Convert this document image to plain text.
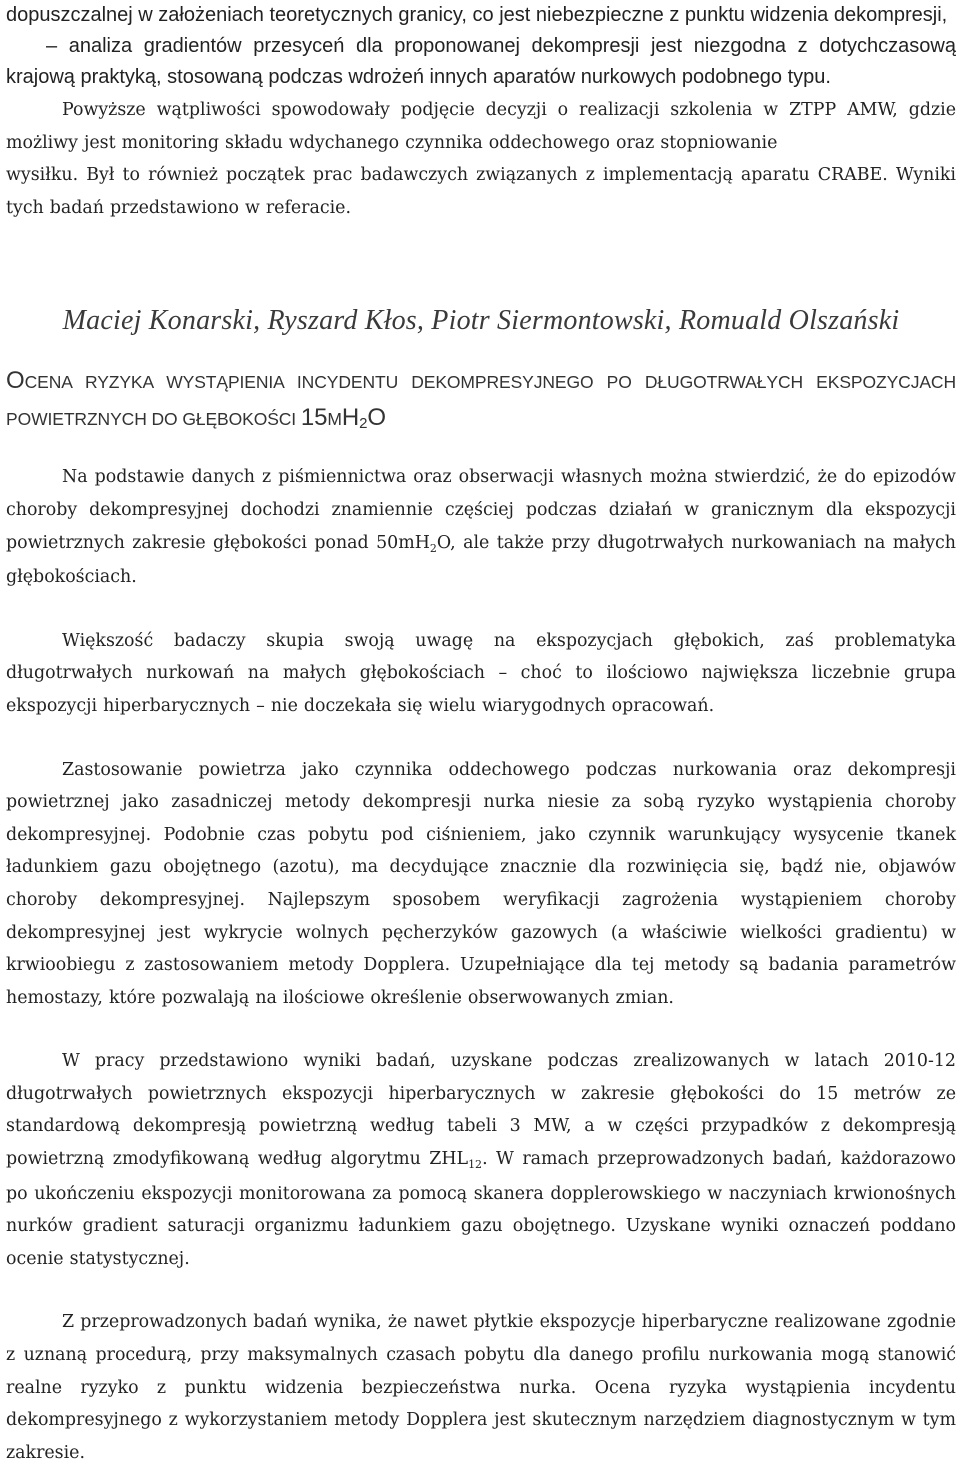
dopuszczalnej w założeniach teoretycznych granicy, co jest niebezpieczne z punktu widzenia dekompresji,

– analiza gradientów przesyceń dla proponowanej dekompresji jest niezgodna z dotychczasową krajową praktyką, stosowaną podczas wdrożeń innych aparatów nurkowych podobnego typu.

Powyższe wątpliwości spowodowały podjęcie decyzji o realizacji szkolenia w ZTPP AMW, gdzie możliwy jest monitoring składu wdychanego czynnika oddechowego oraz stopniowanie

wysiłku. Był to również początek prac badawczych związanych z implementacją aparatu CRABE. Wyniki tych badań przedstawiono w referacie.

Maciej Konarski, Ryszard Kłos, Piotr Siermontowski, Romuald Olszański

OCENA RYZYKA WYSTĄPIENIA INCYDENTU DEKOMPRESYJNEGO PO DŁUGOTRWAŁYCH EKSPOZYCJACH POWIETRZNYCH DO GŁĘBOKOŚCI $15MH_2O$

Na podstawie danych z piśmiennictwa oraz obserwacji własnych można stwierdzić, że do epizodów choroby dekompresyjnej dochodzi znamiennie częściej podczas działań w granicznym dla ekspozycji powietrznych zakresie głębokości ponad $50mH_2O$, ale także przy długotrwałych nurkowaniach na małych głębokościach.

Większość badaczy skupia swoją uwagę na ekspozycjach głębokich, zaś problematyka długotrwałych nurkowań na małych głębokościach – choć to ilościowo największa liczebnie grupa ekspozycji hiperbarycznych – nie doczekała się wielu wiarygodnych opracowań.

Zastosowanie powietrza jako czynnika oddechowego podczas nurkowania oraz dekompresji powietrznej jako zasadniczej metody dekompresji nurka niesie za sobą ryzyko wystąpienia choroby dekompresyjnej. Podobnie czas pobytu pod ciśnieniem, jako czynnik warunkujący wysycenie tkanek ładunkiem gazu obojętnego (azotu), ma decydujące znacznie dla rozwinięcia się, bądź nie, objawów choroby dekompresyjnej. Najlepszym sposobem weryfikacji zagrożenia wystąpieniem choroby dekompresyjnej jest wykrycie wolnych pęcherzyków gazowych (a właściwie wielkości gradientu) w krwioobiegu z zastosowaniem metody Dopplera. Uzupełniające dla tej metody są badania parametrów hemostazy, które pozwalają na ilościowe określenie obserwowanych zmian.

W pracy przedstawiono wyniki badań, uzyskane podczas zrealizowanych w latach 2010-12 długotrwałych powietrznych ekspozycji hiperbarycznych w zakresie głębokości do 15 metrów ze standardową dekompresją powietrzną według tabeli 3 MW, a w części przypadków z dekompresją powietrzną zmodyfikowaną według algorytmu $ZHL_{12}$. W ramach przeprowadzonych badań, każdorazowo po ukończeniu ekspozycji monitorowana za pomocą skanera dopplerowskiego w naczyniach krwionośnych nurków gradient saturacji organizmu ładunkiem gazu obojętnego. Uzyskane wyniki oznaczeń poddano ocenie statystycznej.

Z przeprowadzonych badań wynika, że nawet płytkie ekspozycje hiperbaryczne realizowane zgodnie z uznaną procedurą, przy maksymalnych czasach pobytu dla danego profilu nurkowania mogą stanowić realne ryzyko z punktu widzenia bezpieczeństwa nurka. Ocena ryzyka wystąpienia incydentu dekompresyjnego z wykorzystaniem metody Dopplera jest skutecznym narzędziem diagnostycznym w tym zakresie.
